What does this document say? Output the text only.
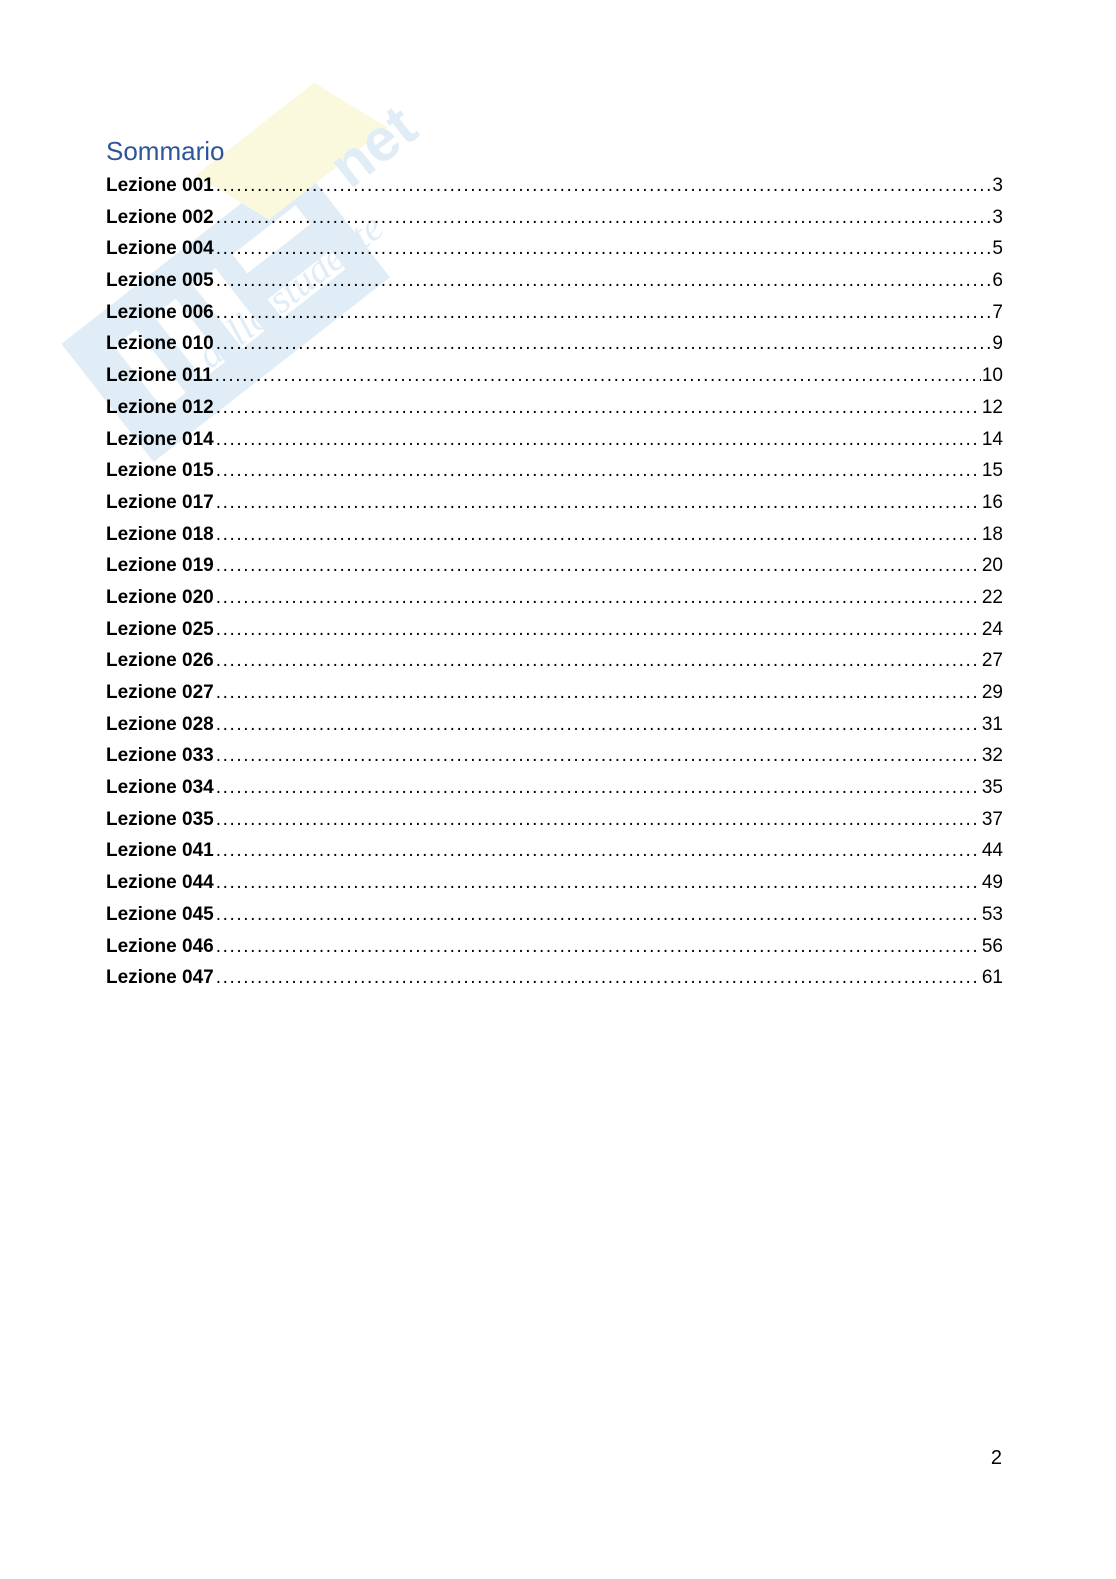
net
dello studente
Sommario
Lezione 001 .....	3
Lezione 002 .....	3
Lezione 004 .....	5
Lezione 005 .....	6
Lezione 006 .....	7
Lezione 010 .....	9
Lezione 011 .....	10
Lezione 012 .....	12
Lezione 014 .....	14
Lezione 015 .....	15
Lezione 017 .....	16
Lezione 018 .....	18
Lezione 019 .....	20
Lezione 020 .....	22
Lezione 025 .....	24
Lezione 026 .....	27
Lezione 027 .....	29
Lezione 028 .....	31
Lezione 033 .....	32
Lezione 034 .....	35
Lezione 035 .....	37
Lezione 041 .....	44
Lezione 044 .....	49
Lezione 045 .....	53
Lezione 046 .....	56
Lezione 047 .....	61
2
